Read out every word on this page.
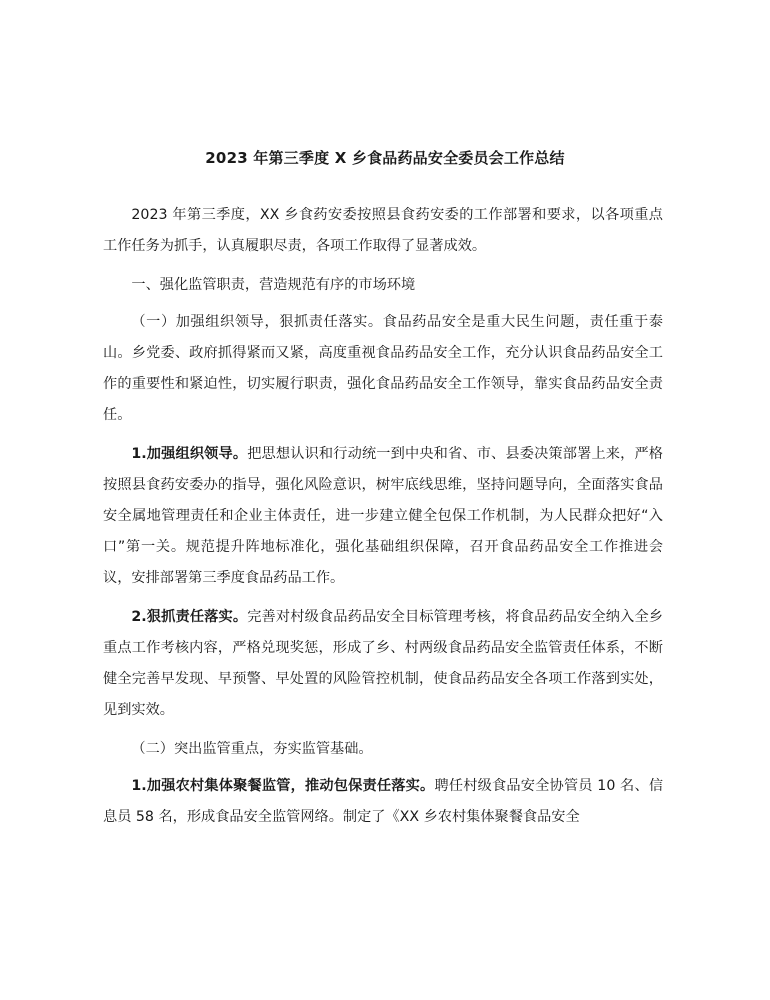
2023 年第三季度 X 乡食品药品安全委员会工作总结

2023 年第三季度，XX 乡食药安委按照县食药安委的工作部署和要求，以各项重点工作任务为抓手，认真履职尽责，各项工作取得了显著成效。

一、强化监管职责，营造规范有序的市场环境

（一）加强组织领导，狠抓责任落实。食品药品安全是重大民生问题，责任重于泰山。乡党委、政府抓得紧而又紧，高度重视食品药品安全工作，充分认识食品药品安全工作的重要性和紧迫性，切实履行职责，强化食品药品安全工作领导，靠实食品药品安全责任。

1.加强组织领导。把思想认识和行动统一到中央和省、市、县委决策部署上来，严格按照县食药安委办的指导，强化风险意识，树牢底线思维，坚持问题导向，全面落实食品安全属地管理责任和企业主体责任，进一步建立健全包保工作机制，为人民群众把好“入口”第一关。规范提升阵地标准化，强化基础组织保障，召开食品药品安全工作推进会议，安排部署第三季度食品药品工作。

2.狠抓责任落实。完善对村级食品药品安全目标管理考核，将食品药品安全纳入全乡重点工作考核内容，严格兑现奖惩，形成了乡、村两级食品药品安全监管责任体系，不断健全完善早发现、早预警、早处置的风险管控机制，使食品药品安全各项工作落到实处，见到实效。

（二）突出监管重点，夯实监管基础。

1.加强农村集体聚餐监管，推动包保责任落实。聘任村级食品安全协管员 10 名、信息员 58 名，形成食品安全监管网络。制定了《XX 乡农村集体聚餐食品安全
